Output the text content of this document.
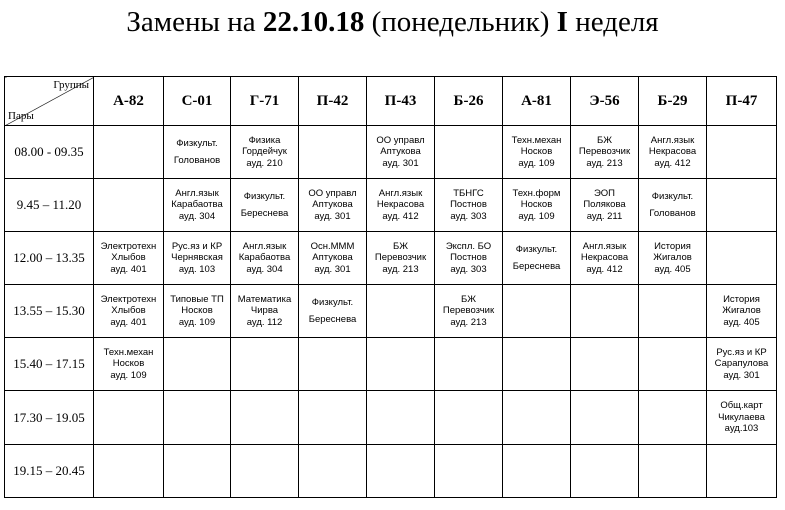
Замены на 22.10.18 (понедельник) I неделя
Группы
Пары	А-82	С-01	Г-71	П-42	П-43	Б-26	А-81	Э-56	Б-29	П-47
08.00 - 09.35		Физкульт.
Голованов	Физика
Гордейчук
ауд. 210		ОО управл
Аптукова
ауд. 301		Техн.механ
Носков
ауд. 109	БЖ
Перевозчик
ауд. 213	Англ.язык
Некрасова
ауд. 412	

9.45 – 11.20		Англ.язык
Карабаотва
ауд. 304	Физкульт.
Береснева	ОО управл
Аптукова
ауд. 301	Англ.язык
Некрасова
ауд. 412	ТБНГС
Постнов
ауд. 303	Техн.форм
Носков
ауд. 109	ЭОП
Полякова
ауд. 211	Физкульт.
Голованов	

12.00 – 13.35	Электротехн
Хлыбов
ауд. 401	Рус.яз и КР
Чернявская
ауд. 103	Англ.язык
Карабаотва
ауд. 304	Осн.МММ
Аптукова
ауд. 301	БЖ
Перевозчик
ауд. 213	Экспл. БО
Постнов
ауд. 303	Физкульт.
Береснева	Англ.язык
Некрасова
ауд. 412	История
Жигалов
ауд. 405	

13.55 – 15.30	Электротехн
Хлыбов
ауд. 401	Типовые ТП
Носков
ауд. 109	Математика
Чирва
ауд. 112	Физкульт.
Береснева		БЖ
Перевозчик
ауд. 213				История
Жигалов
ауд. 405

15.40 – 17.15	Техн.механ
Носков
ауд. 109									Рус.яз и КР
Сарапулова
ауд. 301

17.30 – 19.05										Общ.карт
Чикулаева
ауд.103

19.15 – 20.45										
